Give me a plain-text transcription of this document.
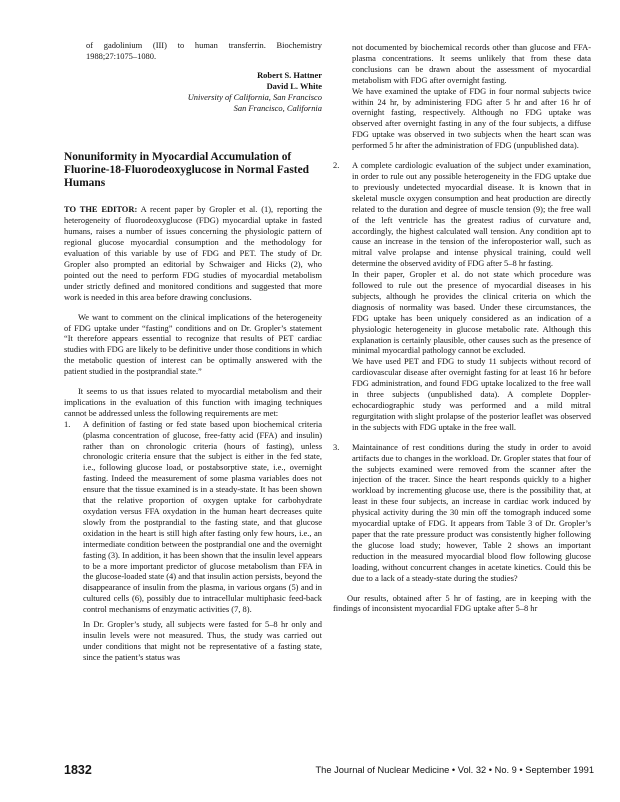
of gadolinium (III) to human transferrin. Biochemistry 1988;27:1075–1080.

Robert S. Hattner
David L. White
University of California, San Francisco
San Francisco, California
Nonuniformity in Myocardial Accumulation of Fluorine-18-Fluorodeoxyglucose in Normal Fasted Humans

TO THE EDITOR: A recent paper by Gropler et al. (1), reporting the heterogeneity of fluorodeoxyglucose (FDG) myocardial uptake in fasted humans, raises a number of issues concerning the physiologic pattern of regional glucose myocardial consumption and the methodology for evaluation of this variable by use of FDG and PET. The study of Dr. Gropler also prompted an editorial by Schwaiger and Hicks (2), who pointed out the need to perform FDG studies of myocardial metabolism under strictly defined and monitored conditions and suggested that more work is needed in this area before drawing conclusions.

We want to comment on the clinical implications of the heterogeneity of FDG uptake under “fasting” conditions and on Dr. Gropler’s statement “It therefore appears essential to recognize that results of PET cardiac studies with FDG are likely to be definitive under those conditions in which the metabolic question of interest can be optimally answered with the patient studied in the postprandial state.”

It seems to us that issues related to myocardial metabolism and their implications in the evaluation of this function with imaging techniques cannot be addressed unless the following requirements are met:

1. A definition of fasting or fed state based upon biochemical criteria (plasma concentration of glucose, free-fatty acid (FFA) and insulin) rather than on chronologic criteria (hours of fasting), unless chronologic criteria ensure that the subject is either in the fed state, i.e., following glucose load, or postabsorptive state, i.e., overnight fasting. Indeed the measurement of some plasma variables does not ensure that the tissue examined is in a steady-state. It has been shown that the relative proportion of oxygen uptake for carbohydrate oxydation versus FFA oxydation in the human heart decreases quite slowly from the postprandial to the fasting state, and that glucose oxidation in the heart is still high after fasting only few hours, i.e., an intermediate condition between the postprandial one and the overnight fasting (3). In addition, it has been shown that the insulin level appears to be a more important predictor of glucose metabolism than FFA in the glucose-loaded state (4) and that insulin action persists, beyond the disappearance of insulin from the plasma, in various organs (5) and in cultured cells (6), possibly due to intracellular multiphasic feed-back control mechanisms of enzymatic activities (7, 8).

In Dr. Gropler’s study, all subjects were fasted for 5–8 hr only and insulin levels were not measured. Thus, the study was carried out under conditions that might not be representative of a fasting state, since the patient’s status was

not documented by biochemical records other than glucose and FFA-plasma concentrations. It seems unlikely that from these data conclusions can be drawn about the assessment of myocardial metabolism with FDG after overnight fasting.

We have examined the uptake of FDG in four normal subjects twice within 24 hr, by administering FDG after 5 hr and after 16 hr of overnight fasting, respectively. Although no FDG uptake was observed after overnight fasting in any of the four subjects, a diffuse FDG uptake was observed in two subjects when the heart scan was performed 5 hr after the administration of FDG (unpublished data).

2. A complete cardiologic evaluation of the subject under examination, in order to rule out any possible heterogeneity in the FDG uptake due to previously undetected myocardial disease. It is known that in skeletal muscle oxygen consumption and heat production are directly related to the duration and degree of muscle tension (9); the free wall of the left ventricle has the greatest radius of curvature and, accordingly, the highest calculated wall tension. Any condition apt to cause an increase in the tension of the inferoposterior wall, such as mitral valve prolapse and intense physical training, could well determine the observed avidity of FDG after 5–8 hr fasting.

In their paper, Gropler et al. do not state which procedure was followed to rule out the presence of myocardial diseases in his subjects, although he provides the clinical criteria on which the diagnosis of normality was based. Under these circumstances, the FDG uptake has been uniquely considered as an indication of a physiologic heterogeneity in glucose metabolic rate. Although this explanation is certainly plausible, other causes such as the presence of minimal myocardial pathology cannot be excluded.

We have used PET and FDG to study 11 subjects without record of cardiovascular disease after overnight fasting for at least 16 hr before FDG administration, and found FDG uptake localized to the free wall in three subjects (unpublished data). A complete Doppler-echocardiographic study was performed and a mild mitral regurgitation with slight prolapse of the posterior leaflet was observed in the subjects with FDG uptake in the free wall.

3. Maintainance of rest conditions during the study in order to avoid artifacts due to changes in the workload. Dr. Gropler states that four of the subjects examined were removed from the scanner after the injection of the tracer. Since the heart responds quickly to a higher workload by incrementing glucose use, there is the possibility that, at least in these four subjects, an increase in cardiac work induced by physical activity during the 30 min off the tomograph induced some myocardial uptake of FDG. It appears from Table 3 of Dr. Gropler’s paper that the rate pressure product was consistently higher following the glucose load study; however, Table 2 shows an important reduction in the measured myocardial blood flow following glucose loading, without concurrent changes in acetate kinetics. Could this be due to a lack of a steady-state during the studies?

Our results, obtained after 5 hr of fasting, are in keeping with the findings of inconsistent myocardial FDG uptake after 5–8 hr

1832	The Journal of Nuclear Medicine • Vol. 32 • No. 9 • September 1991
